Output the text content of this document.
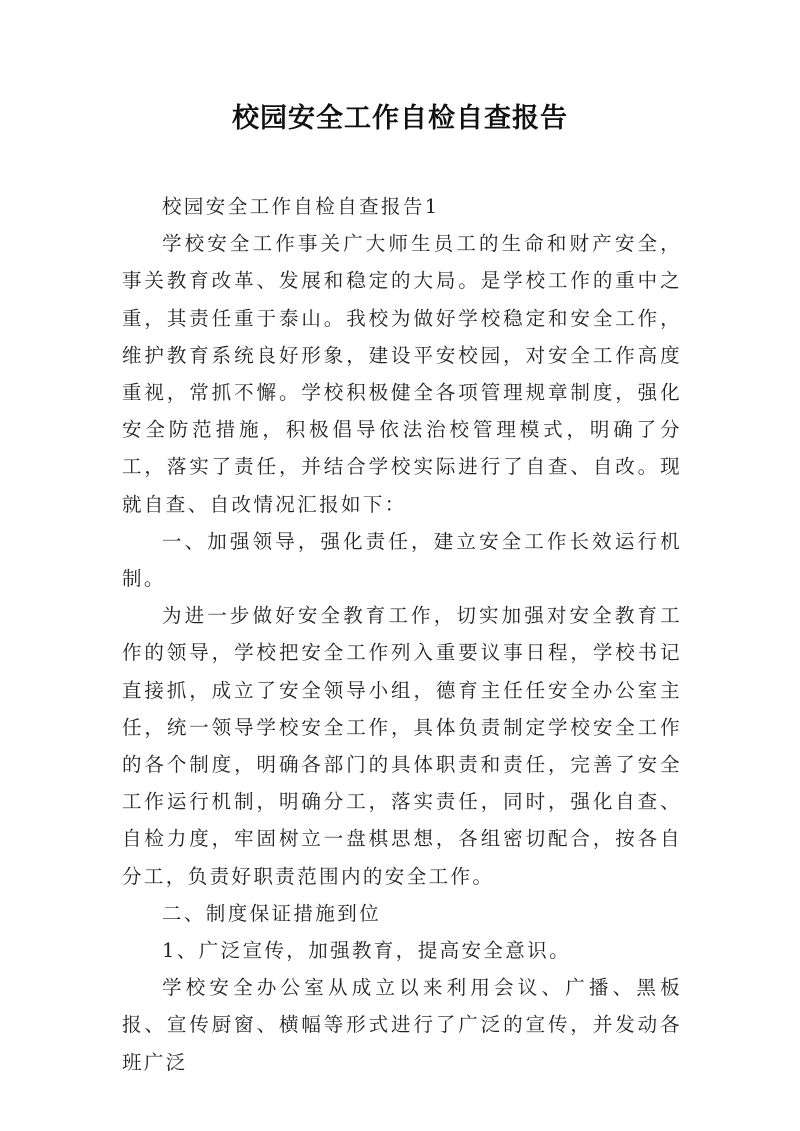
校园安全工作自检自查报告

校园安全工作自检自查报告1

学校安全工作事关广大师生员工的生命和财产安全，事关教育改革、发展和稳定的大局。是学校工作的重中之重，其责任重于泰山。我校为做好学校稳定和安全工作，维护教育系统良好形象，建设平安校园，对安全工作高度重视，常抓不懈。学校积极健全各项管理规章制度，强化安全防范措施，积极倡导依法治校管理模式，明确了分工，落实了责任，并结合学校实际进行了自查、自改。现就自查、自改情况汇报如下：

一、加强领导，强化责任，建立安全工作长效运行机制。

为进一步做好安全教育工作，切实加强对安全教育工作的领导，学校把安全工作列入重要议事日程，学校书记直接抓，成立了安全领导小组，德育主任任安全办公室主任，统一领导学校安全工作，具体负责制定学校安全工作的各个制度，明确各部门的具体职责和责任，完善了安全工作运行机制，明确分工，落实责任，同时，强化自查、自检力度，牢固树立一盘棋思想，各组密切配合，按各自分工，负责好职责范围内的安全工作。

二、制度保证措施到位

1、广泛宣传，加强教育，提高安全意识。

学校安全办公室从成立以来利用会议、广播、黑板报、宣传厨窗、横幅等形式进行了广泛的宣传，并发动各班广泛
